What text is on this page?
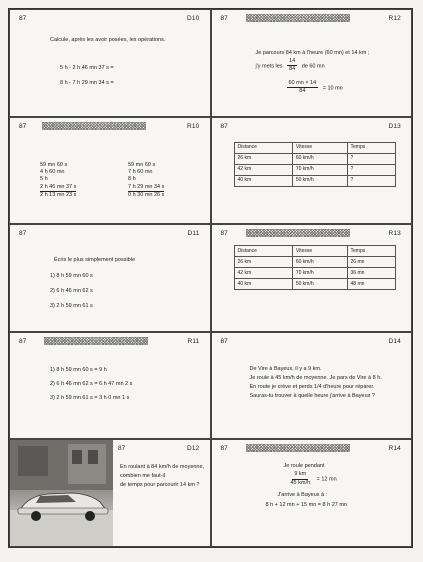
87	D10
Calcule, après les avoir posées, les opérations.
5 h - 2 h 46 mn 37 s =
8 h - 7 h 29 mn 34 s =
87	R12
Je parcours 84 km à l'heure (60 mn) et 14 km ;
j'y mets les $\frac{14}{84}$ de 60 mn
$\frac{60 mn \times 14}{84} = 10$ mn
87	R10
59 mn 60 s
4 h 60 mn
5 h
2 h 46 mn 37 s
2 h 13 mn 23 s
59 mn 60 s
7 h 60 mn
8 h
7 h 29 mn 34 s
0 h 30 mn 26 s
87	D13
Distance	Vitesse	Temps
26 km	60 km/h	?
42 km	70 km/h	?
40 km	50 km/h	?
87	D11
Écris le plus simplement possible
1) 8 h 59 mn 60 s
2) 6 h 46 mn 62 s
3) 2 h 59 mn 61 s
87	R13
Distance	Vitesse	Temps
26 km	60 km/h	26 mn
42 km	70 km/h	36 mn
40 km	50 km/h	48 mn
87	R11
1) 8 h 59 mn 60 s = 9 h
2) 6 h 46 mn 62 s = 6 h 47 mn 2 s
3) 2 h 59 mn 61 s = 3 h 0 mn 1 s
87	D14
De Vire à Bayeux, il y a 9 km.
Je roule à 45 km/h de moyenne. Je pars de Vire à 8 h.
En route je crève et perds 1/4 d'heure pour réparer.
Sauras-tu trouver à quelle heure j'arrive à Bayeux ?
87	D12
En roulant à 84 km/h de moyenne,
combien me faut-il
de temps pour parcourir 14 km ?
87	R14
Je roule pendant
$\frac{9 km}{45 km/h} = 12$ mn
J'arrive à Bayeux à :
8 h + 12 mn + 15 mn = 8 h 27 mn
